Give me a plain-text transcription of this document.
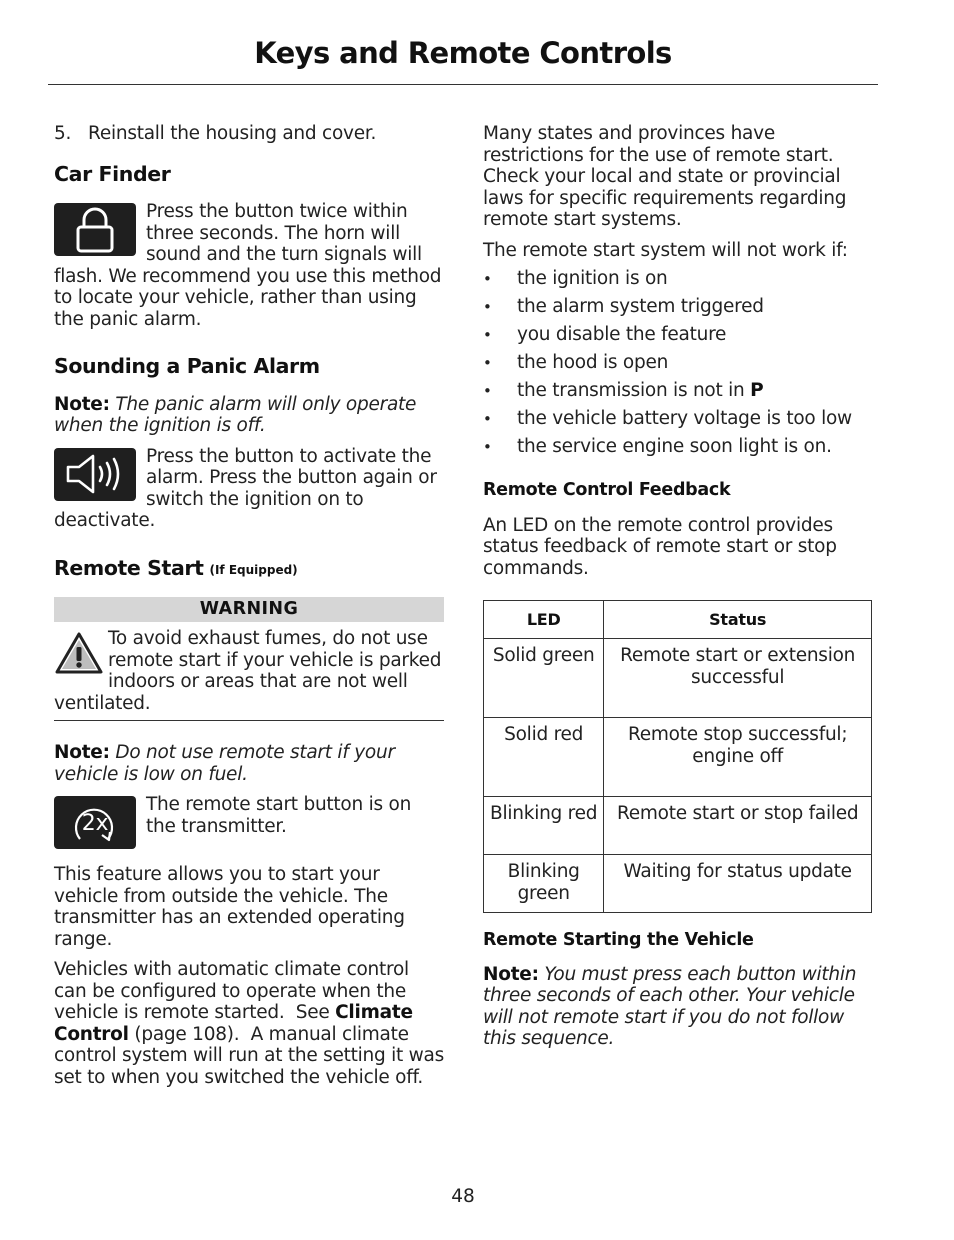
Keys and Remote Controls

5.   Reinstall the housing and cover.

Car Finder

Press the button twice within three seconds. The horn will sound and the turn signals will flash. We recommend you use this method to locate your vehicle, rather than using the panic alarm.

Sounding a Panic Alarm

Note: The panic alarm will only operate when the ignition is off.

Press the button to activate the alarm. Press the button again or switch the ignition on to deactivate.

Remote Start (If Equipped)
WARNING

To avoid exhaust fumes, do not use remote start if your vehicle is parked indoors or areas that are not well ventilated.

Note: Do not use remote start if your vehicle is low on fuel.

2x

The remote start button is on the transmitter.

This feature allows you to start your vehicle from outside the vehicle. The transmitter has an extended operating range.

Vehicles with automatic climate control can be configured to operate when the vehicle is remote started.  See Climate Control (page 108).  A manual climate control system will run at the setting it was set to when you switched the vehicle off.

Many states and provinces have restrictions for the use of remote start. Check your local and state or provincial laws for specific requirements regarding remote start systems.

The remote start system will not work if:

• the ignition is on
• the alarm system triggered
• you disable the feature
• the hood is open
• the transmission is not in P
• the vehicle battery voltage is too low
• the service engine soon light is on.
Remote Control Feedback

An LED on the remote control provides status feedback of remote start or stop commands.

LED	Status
Solid green	Remote start or extension successful
Solid red	Remote stop successful; engine off
Blinking red	Remote start or stop failed
Blinking green	Waiting for status update
Remote Starting the Vehicle

Note: You must press each button within three seconds of each other. Your vehicle will not remote start if you do not follow this sequence.

48
